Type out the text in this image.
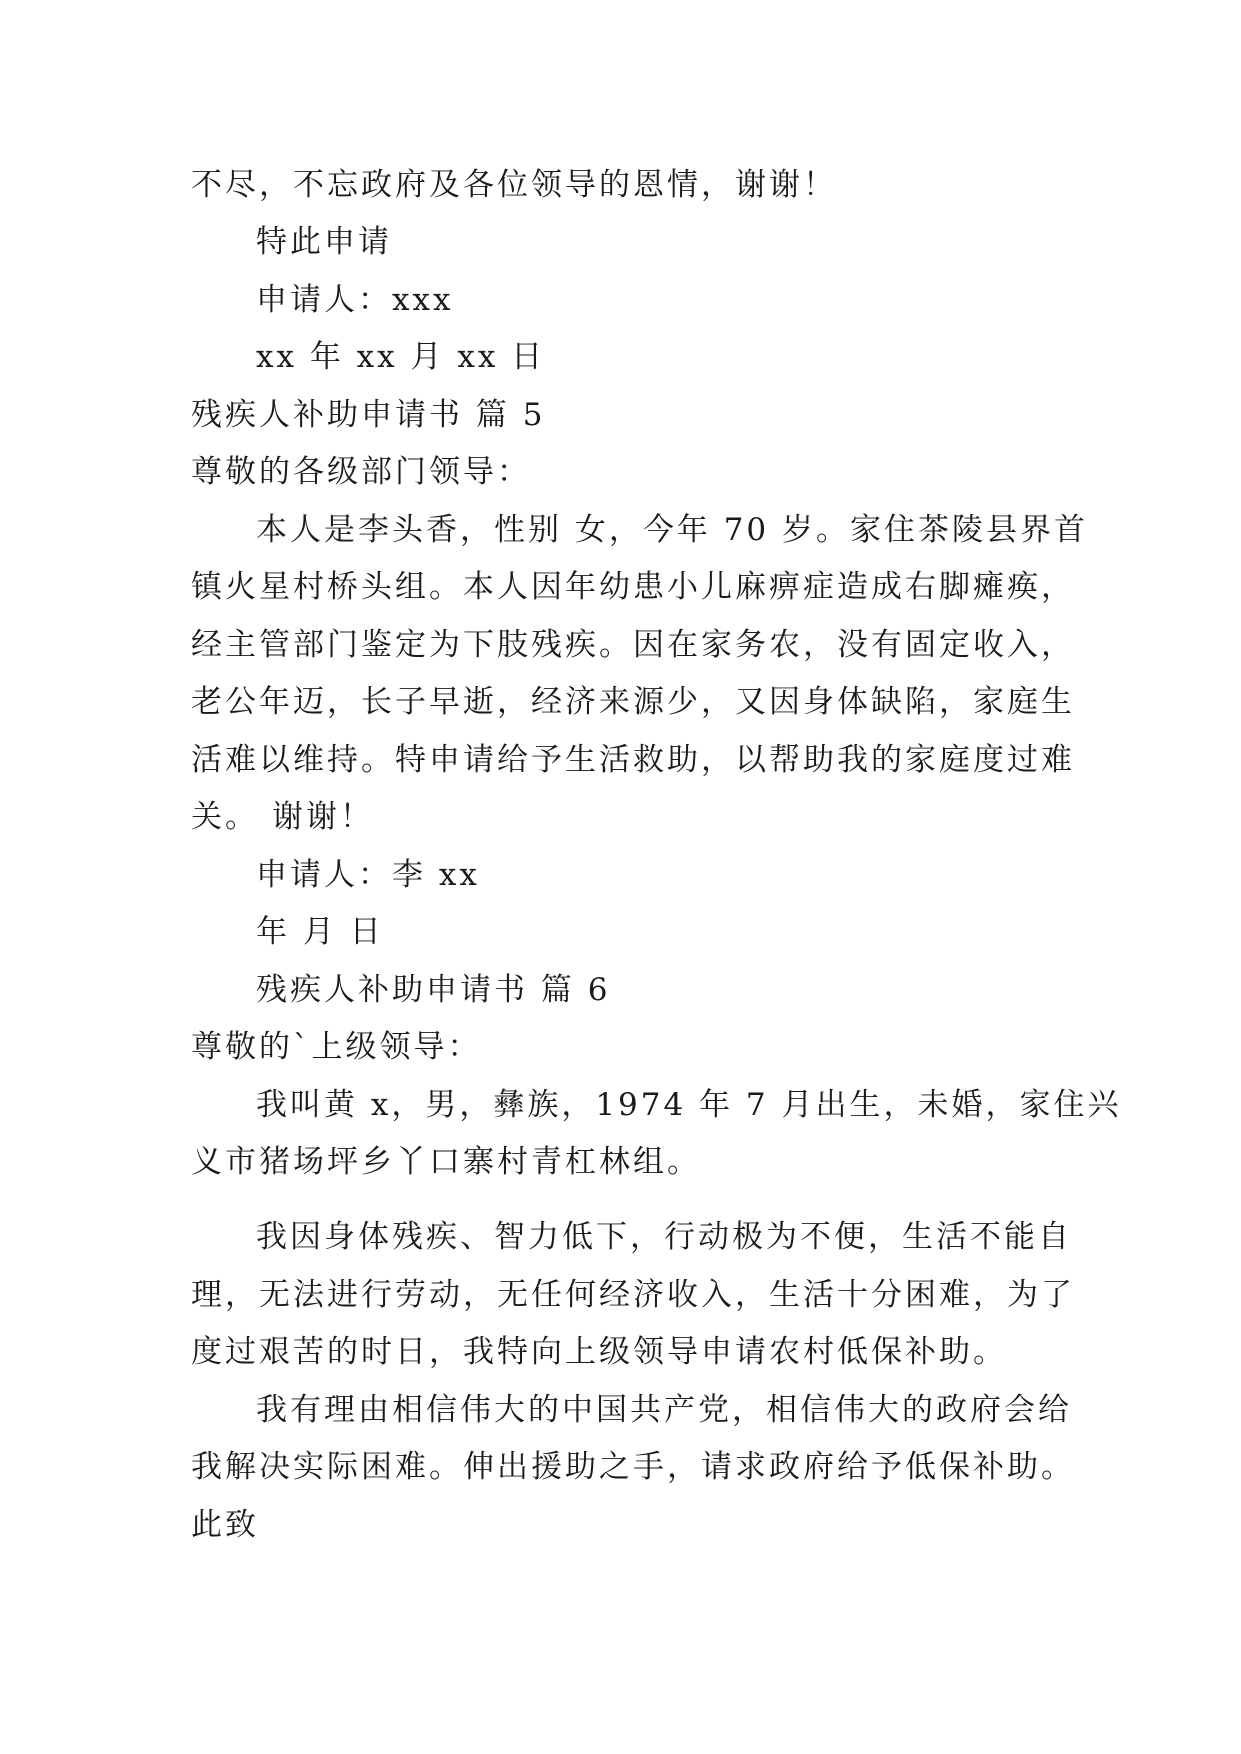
不尽，不忘政府及各位领导的恩情，谢谢！
特此申请
申请人：xxx
xx 年 xx 月 xx 日
残疾人补助申请书 篇 5
尊敬的各级部门领导：
本人是李头香，性别 女，今年 70 岁。家住茶陵县界首
镇火星村桥头组。本人因年幼患小儿麻痹症造成右脚瘫痪，
经主管部门鉴定为下肢残疾。因在家务农，没有固定收入，
老公年迈，长子早逝，经济来源少，又因身体缺陷，家庭生
活难以维持。特申请给予生活救助，以帮助我的家庭度过难
关。 谢谢！
申请人：李 xx
年 月 日
残疾人补助申请书 篇 6
尊敬的`上级领导：
我叫黄 x，男，彝族，1974 年 7 月出生，未婚，家住兴
义市猪场坪乡丫口寨村青杠林组。
我因身体残疾、智力低下，行动极为不便，生活不能自
理，无法进行劳动，无任何经济收入，生活十分困难，为了
度过艰苦的时日，我特向上级领导申请农村低保补助。
我有理由相信伟大的中国共产党，相信伟大的政府会给
我解决实际困难。伸出援助之手，请求政府给予低保补助。
此致
